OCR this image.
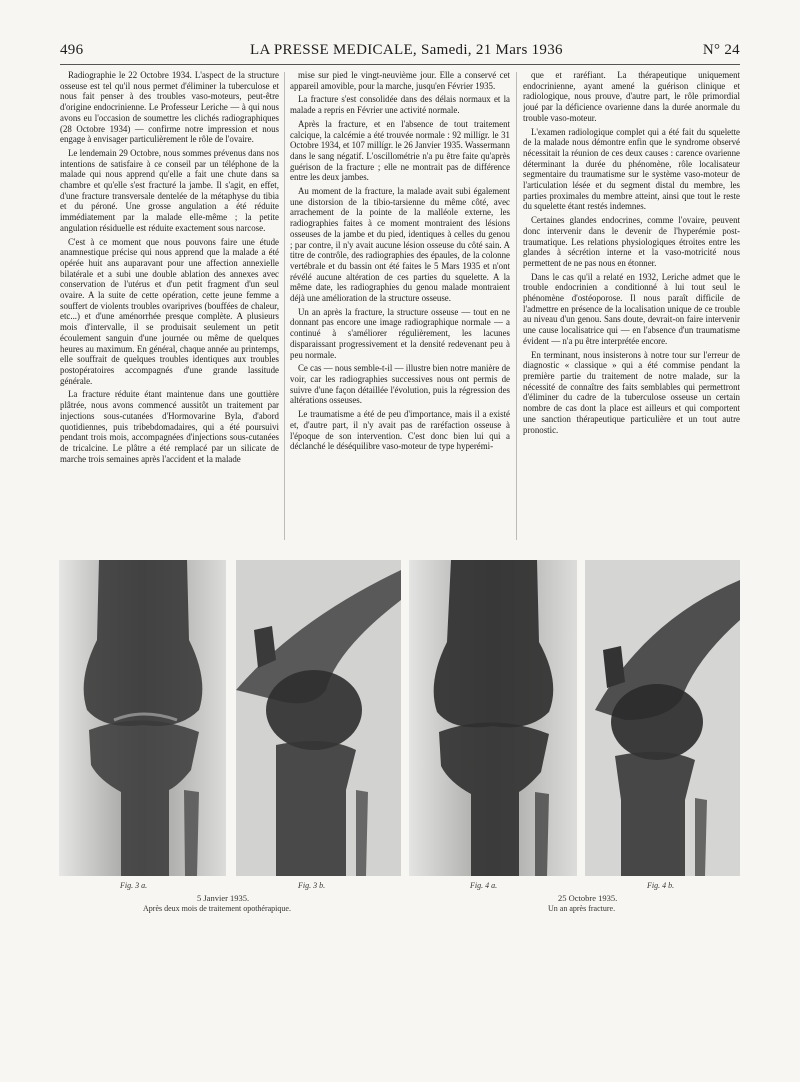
496	LA PRESSE MEDICALE, Samedi, 21 Mars 1936	N° 24

Radiographie le 22 Octobre 1934. L'aspect de la structure osseuse est tel qu'il nous permet d'éliminer la tuberculose et nous fait penser à des troubles vaso-moteurs, peut-être d'origine endocrinienne. Le Professeur Leriche — à qui nous avons eu l'occasion de soumettre les clichés radiographiques (28 Octobre 1934) — confirme notre impression et nous engage à envisager particulièrement le rôle de l'ovaire.

Le lendemain 29 Octobre, nous sommes prévenus dans nos intentions de satisfaire à ce conseil par un téléphone de la malade qui nous apprend qu'elle a fait une chute dans sa chambre et qu'elle s'est fracturé la jambe. Il s'agit, en effet, d'une fracture transversale dentelée de la métaphyse du tibia et du péroné. Une grosse angulation a été réduite immédiatement par la malade elle-même ; la petite angulation résiduelle est réduite exactement sous narcose.

C'est à ce moment que nous pouvons faire une étude anamnestique précise qui nous apprend que la malade a été opérée huit ans auparavant pour une affection annexielle bilatérale et a subi une double ablation des annexes avec conservation de l'utérus et d'un petit fragment d'un seul ovaire. A la suite de cette opération, cette jeune femme a souffert de violents troubles ovariprives (bouffées de chaleur, etc...) et d'une aménorrhée presque complète. A plusieurs mois d'intervalle, il se produisait seulement un petit écoulement sanguin d'une journée ou même de quelques heures au maximum. En général, chaque année au printemps, elle souffrait de quelques troubles identiques aux troubles postopératoires accompagnés d'une grande lassitude générale.

La fracture réduite étant maintenue dans une gouttière plâtrée, nous avons commencé aussitôt un traitement par injections sous-cutanées d'Hormovarine Byla, d'abord quotidiennes, puis tribebdomadaires, qui a été poursuivi pendant trois mois, accompagnées d'injections sous-cutanées de tricalcine. Le plâtre a été remplacé par un silicate de marche trois semaines après l'accident et la malade

mise sur pied le vingt-neuvième jour. Elle a conservé cet appareil amovible, pour la marche, jusqu'en Février 1935.

La fracture s'est consolidée dans des délais normaux et la malade a repris en Février une activité normale.

Après la fracture, et en l'absence de tout traitement calcique, la calcémie a été trouvée normale : 92 millígr. le 31 Octobre 1934, et 107 millígr. le 26 Janvier 1935. Wassermann dans le sang négatif. L'oscillométrie n'a pu être faite qu'après guérison de la fracture ; elle ne montrait pas de différence entre les deux jambes.

Au moment de la fracture, la malade avait subi également une distorsion de la tibio-tarsienne du même côté, avec arrachement de la pointe de la malléole externe, les radiographies faites à ce moment montraient des lésions osseuses de la jambe et du pied, identiques à celles du genou ; par contre, il n'y avait aucune lésion osseuse du côté sain. A titre de contrôle, des radiographies des épaules, de la colonne vertébrale et du bassin ont été faites le 5 Mars 1935 et n'ont révélé aucune altération de ces parties du squelette. A la même date, les radiographies du genou malade montraient déjà une amélioration de la structure osseuse.

Un an après la fracture, la structure osseuse — tout en ne donnant pas encore une image radiographique normale — a continué à s'améliorer régulièrement, les lacunes disparaissant progressivement et la densité redevenant peu à peu normale.

Ce cas — nous semble-t-il — illustre bien notre manière de voir, car les radiographies successives nous ont permis de suivre d'une façon détaillée l'évolution, puis la régression des altérations osseuses.

Le traumatisme a été de peu d'importance, mais il a existé et, d'autre part, il n'y avait pas de raréfaction osseuse à l'époque de son intervention. C'est donc bien lui qui a déclanché le déséquilibre vaso-moteur de type hyperémi-

que et raréfiant. La thérapeutique uniquement endocrinienne, ayant amené la guérison clinique et radiologique, nous prouve, d'autre part, le rôle primordial joué par la déficience ovarienne dans la durée anormale du trouble vaso-moteur.

L'examen radiologique complet qui a été fait du squelette de la malade nous démontre enfin que le syndrome observé nécessitait la réunion de ces deux causes : carence ovarienne déterminant la durée du phénomène, rôle localisateur segmentaire du traumatisme sur le système vaso-moteur de l'articulation lésée et du segment distal du membre, les parties proximales du membre atteint, ainsi que tout le reste du squelette étant restés indemnes.

Certaines glandes endocrines, comme l'ovaire, peuvent donc intervenir dans le devenir de l'hyperémie post-traumatique. Les relations physiologiques étroites entre les glandes à sécrétion interne et la vaso-motricité nous permettent de ne pas nous en étonner.

Dans le cas qu'il a relaté en 1932, Leriche admet que le trouble endocrinien a conditionné à lui tout seul le phénomène d'ostéoporose. Il nous paraît difficile de l'admettre en présence de la localisation unique de ce trouble au niveau d'un genou. Sans doute, devrait-on faire intervenir une cause localisatrice qui — en l'absence d'un traumatisme évident — n'a pu être interprétée encore.

En terminant, nous insisterons à notre tour sur l'erreur de diagnostic « classique » qui a été commise pendant la première partie du traitement de notre malade, sur la nécessité de connaître des faits semblables qui permettront d'éliminer du cadre de la tuberculose osseuse un certain nombre de cas dont la place est ailleurs et qui comportent une sanction thérapeutique particulière et un tout autre pronostic.

Fig. 3 a.	Fig. 3 b.	Fig. 4 a.	Fig. 4 b.
5 Janvier 1935.
Après deux mois de traitement opothérapique.
25 Octobre 1935.
Un an après fracture.
